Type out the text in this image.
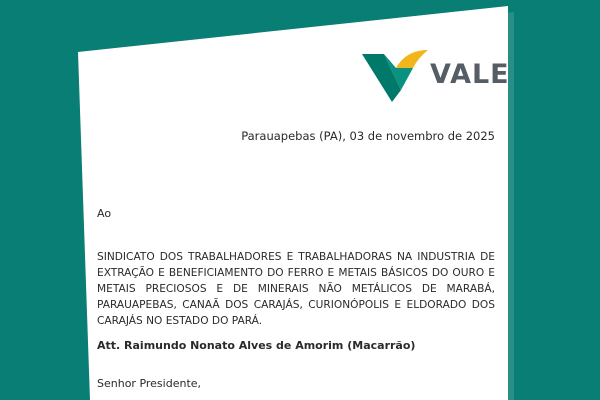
VALE
Parauapebas (PA), 03 de novembro de 2025
Ao
SINDICATO DOS TRABALHADORES E TRABALHADORAS NA INDUSTRIA DE EXTRAÇÃO E BENEFICIAMENTO DO FERRO E METAIS BÁSICOS DO OURO E METAIS PRECIOSOS E DE MINERAIS NÃO METÁLICOS DE MARABÁ, PARAUAPEBAS, CANAÃ DOS CARAJÁS, CURIONÓPOLIS E ELDORADO DOS CARAJÁS NO ESTADO DO PARÁ.
Att. Raimundo Nonato Alves de Amorim (Macarrão)
Senhor Presidente,
